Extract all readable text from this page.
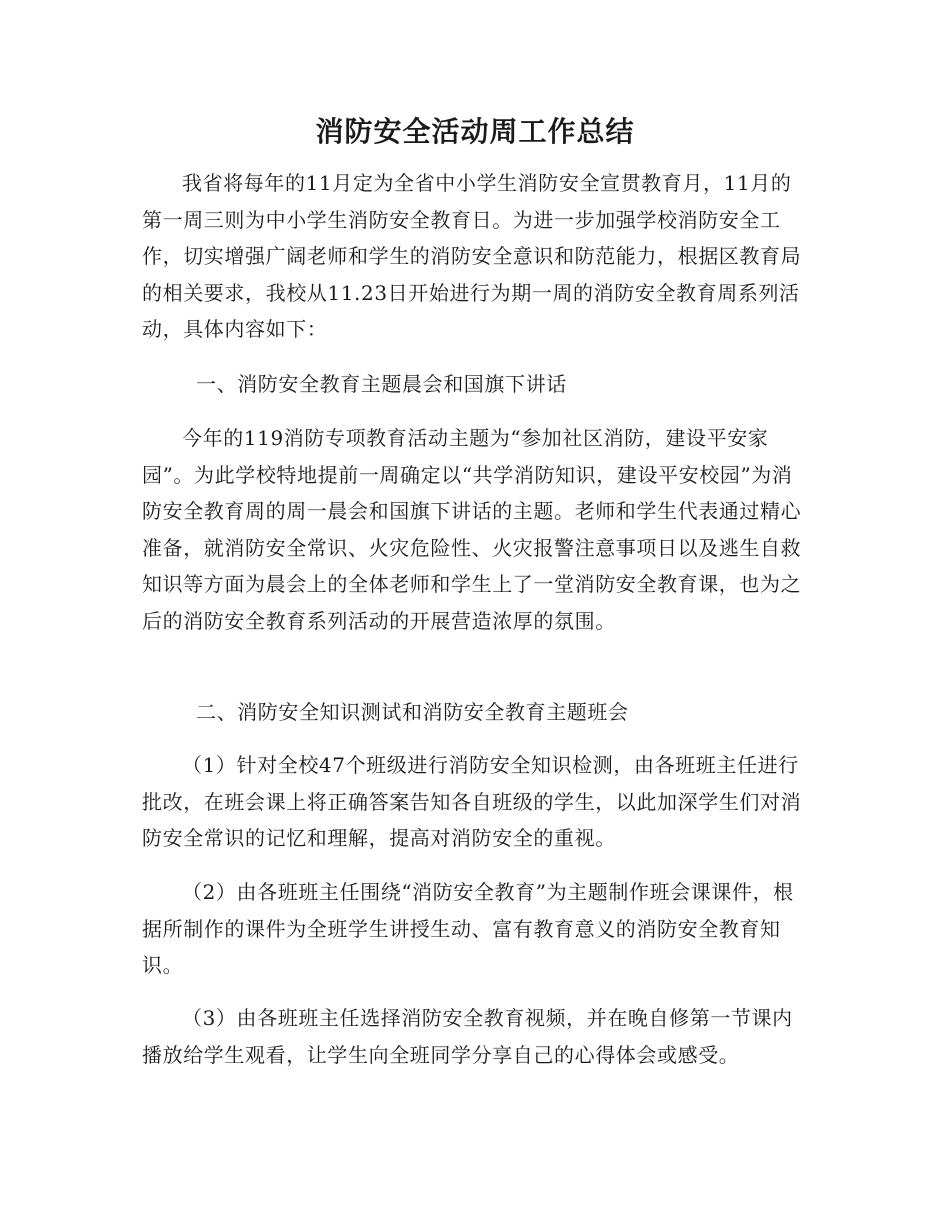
消防安全活动周工作总结

我省将每年的11月定为全省中小学生消防安全宣贯教育月，11月的第一周三则为中小学生消防安全教育日。为进一步加强学校消防安全工作，切实增强广阔老师和学生的消防安全意识和防范能力，根据区教育局的相关要求，我校从11.23日开始进行为期一周的消防安全教育周系列活动，具体内容如下：

一、消防安全教育主题晨会和国旗下讲话

今年的119消防专项教育活动主题为“参加社区消防，建设平安家园”。为此学校特地提前一周确定以“共学消防知识，建设平安校园”为消防安全教育周的周一晨会和国旗下讲话的主题。老师和学生代表通过精心准备，就消防安全常识、火灾危险性、火灾报警注意事项日以及逃生自救知识等方面为晨会上的全体老师和学生上了一堂消防安全教育课，也为之后的消防安全教育系列活动的开展营造浓厚的氛围。

二、消防安全知识测试和消防安全教育主题班会

（1）针对全校47个班级进行消防安全知识检测，由各班班主任进行批改，在班会课上将正确答案告知各自班级的学生，以此加深学生们对消防安全常识的记忆和理解，提高对消防安全的重视。

（2）由各班班主任围绕“消防安全教育”为主题制作班会课课件，根据所制作的课件为全班学生讲授生动、富有教育意义的消防安全教育知识。

（3）由各班班主任选择消防安全教育视频，并在晚自修第一节课内播放给学生观看，让学生向全班同学分享自己的心得体会或感受。
